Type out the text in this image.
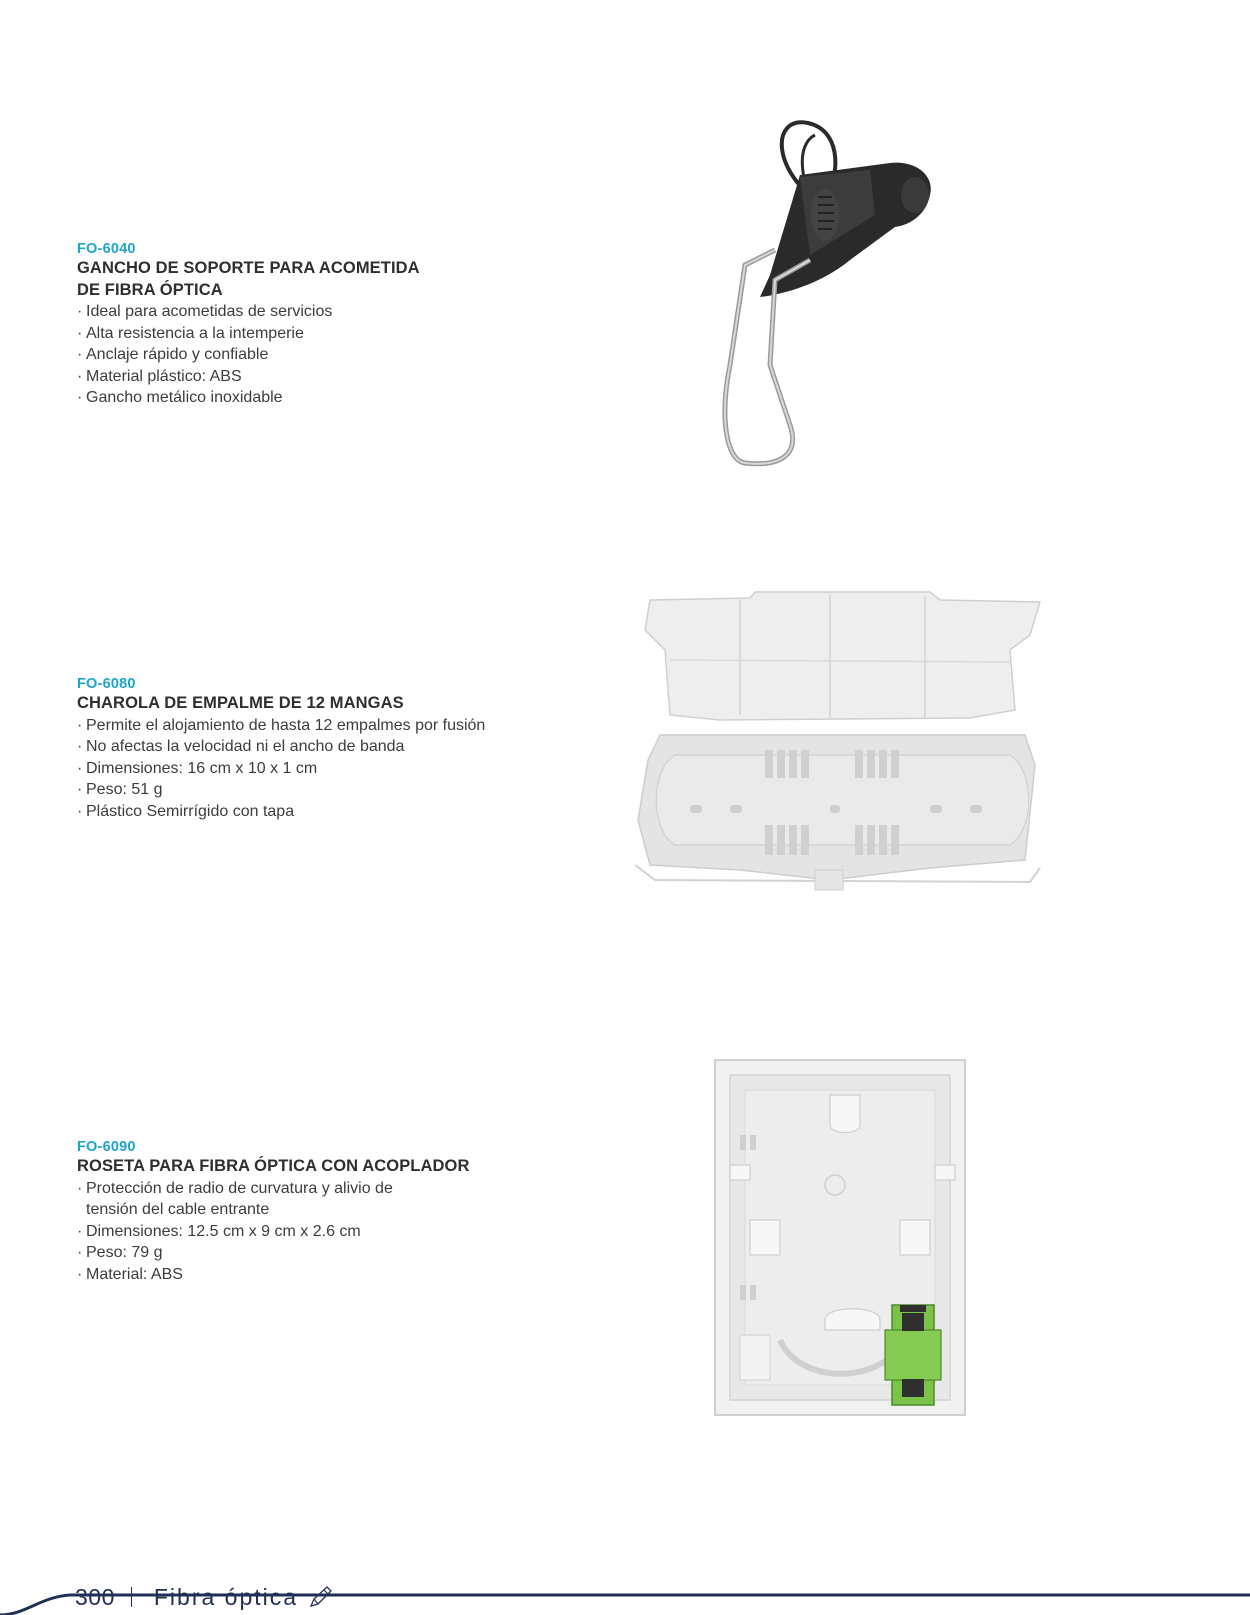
FO-6040
GANCHO DE SOPORTE PARA ACOMETIDA DE FIBRA ÓPTICA
· Ideal para acometidas de servicios
· Alta resistencia a la intemperie
· Anclaje rápido y confiable
· Material plástico: ABS
· Gancho metálico inoxidable
FO-6080
CHAROLA DE EMPALME DE 12 MANGAS
· Permite el alojamiento de hasta 12 empalmes por fusión
· No afectas la velocidad ni el ancho de banda
· Dimensiones: 16 cm x 10 x 1 cm
· Peso: 51 g
· Plástico Semirrígido con tapa
FO-6090
ROSETA PARA FIBRA ÓPTICA CON ACOPLADOR
· Protección de radio de curvatura y alivio de tensión del cable entrante
· Dimensiones: 12.5 cm x 9 cm x 2.6 cm
· Peso: 79 g
· Material: ABS
300 Fibra óptica
